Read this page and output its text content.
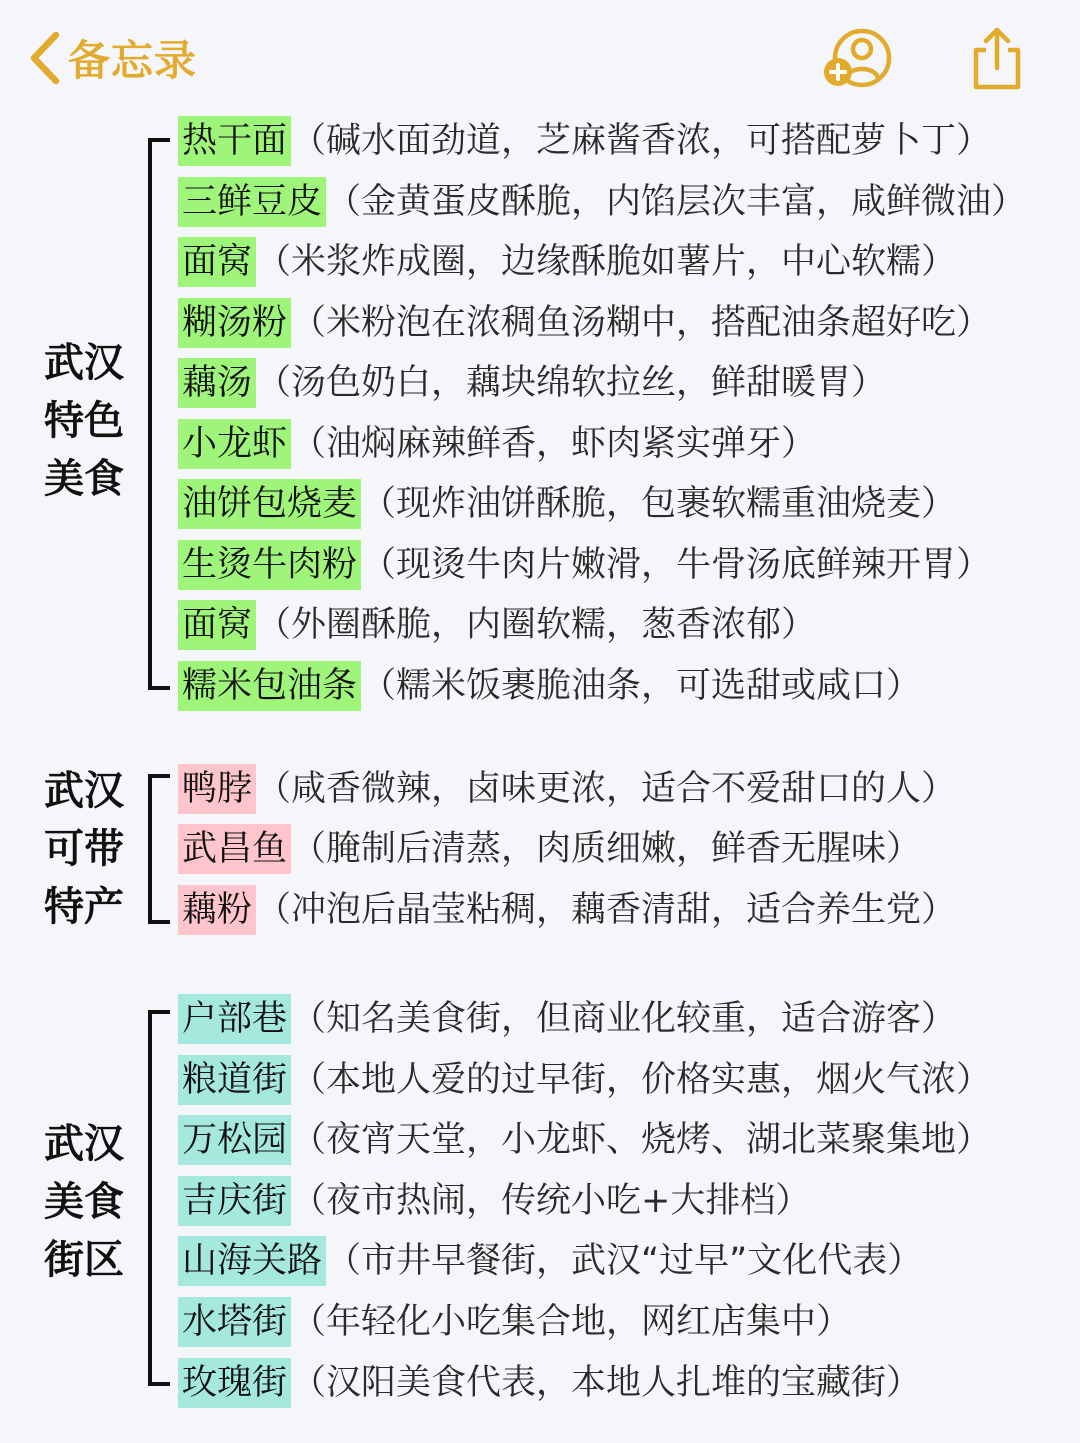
备忘录
武汉
特色
美食
热干面 （碱水面劲道，芝麻酱香浓，可搭配萝卜丁）
三鲜豆皮 （金黄蛋皮酥脆，内馅层次丰富，咸鲜微油）
面窝 （米浆炸成圈，边缘酥脆如薯片，中心软糯）
糊汤粉 （米粉泡在浓稠鱼汤糊中，搭配油条超好吃）
藕汤 （汤色奶白，藕块绵软拉丝，鲜甜暖胃）
小龙虾 （油焖麻辣鲜香，虾肉紧实弹牙）
油饼包烧麦 （现炸油饼酥脆，包裹软糯重油烧麦）
生烫牛肉粉 （现烫牛肉片嫩滑，牛骨汤底鲜辣开胃）
面窝 （外圈酥脆，内圈软糯，葱香浓郁）
糯米包油条 （糯米饭裹脆油条，可选甜或咸口）
武汉
可带
特产
鸭脖 （咸香微辣，卤味更浓，适合不爱甜口的人）
武昌鱼 （腌制后清蒸，肉质细嫩，鲜香无腥味）
藕粉 （冲泡后晶莹粘稠，藕香清甜，适合养生党）
武汉
美食
街区
户部巷 （知名美食街，但商业化较重，适合游客）
粮道街 （本地人爱的过早街，价格实惠，烟火气浓）
万松园 （夜宵天堂，小龙虾、烧烤、湖北菜聚集地）
吉庆街 （夜市热闹，传统小吃+大排档）
山海关路 （市井早餐街，武汉“过早”文化代表）
水塔街 （年轻化小吃集合地，网红店集中）
玫瑰街 （汉阳美食代表，本地人扎堆的宝藏街）
